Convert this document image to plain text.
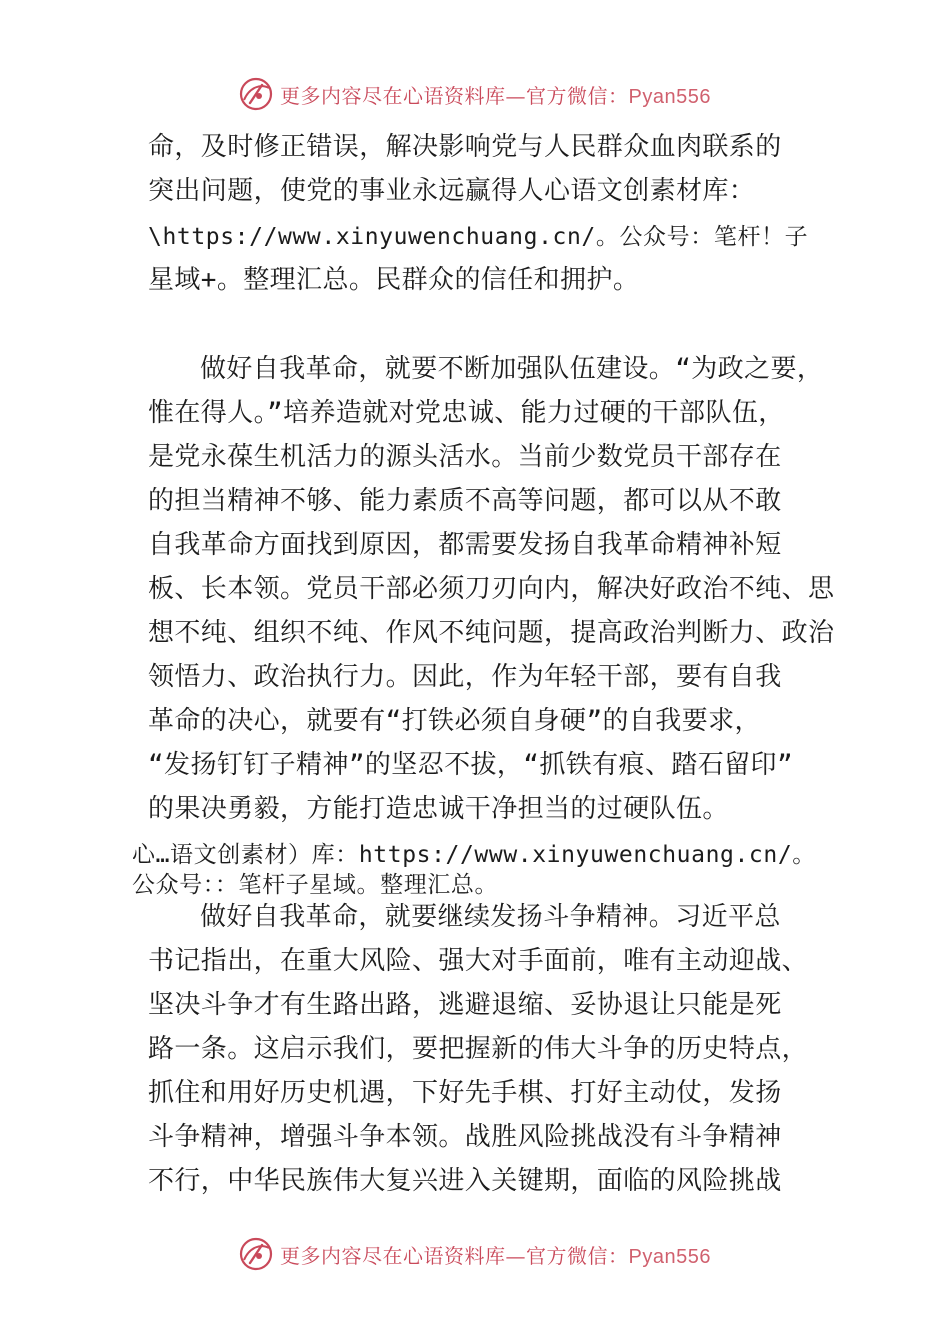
更多内容尽在心语资料库—官方微信：Pyan556
命，及时修正错误，解决影响党与人民群众血肉联系的
突出问题，使党的事业永远赢得人心语文创素材库：
\https://www.xinyuwenchuang.cn/。公众号：笔杆！子
星域+。整理汇总。民群众的信任和拥护。
做好自我革命，就要不断加强队伍建设。“为政之要，
惟在得人。”培养造就对党忠诚、能力过硬的干部队伍，
是党永葆生机活力的源头活水。当前少数党员干部存在
的担当精神不够、能力素质不高等问题，都可以从不敢
自我革命方面找到原因，都需要发扬自我革命精神补短
板、长本领。党员干部必须刀刃向内，解决好政治不纯、思
想不纯、组织不纯、作风不纯问题，提高政治判断力、政治
领悟力、政治执行力。因此，作为年轻干部，要有自我
革命的决心，就要有“打铁必须自身硬”的自我要求，
“发扬钉钉子精神”的坚忍不拔，“抓铁有痕、踏石留印”
的果决勇毅，方能打造忠诚干净担当的过硬队伍。
心…语文创素材）库：https://www.xinyuwenchuang.cn/。
公众号：：笔杆子星域。整理汇总。
做好自我革命，就要继续发扬斗争精神。习近平总
书记指出，在重大风险、强大对手面前，唯有主动迎战、
坚决斗争才有生路出路，逃避退缩、妥协退让只能是死
路一条。这启示我们，要把握新的伟大斗争的历史特点，
抓住和用好历史机遇，下好先手棋、打好主动仗，发扬
斗争精神，增强斗争本领。战胜风险挑战没有斗争精神
不行，中华民族伟大复兴进入关键期，面临的风险挑战
更多内容尽在心语资料库—官方微信：Pyan556
